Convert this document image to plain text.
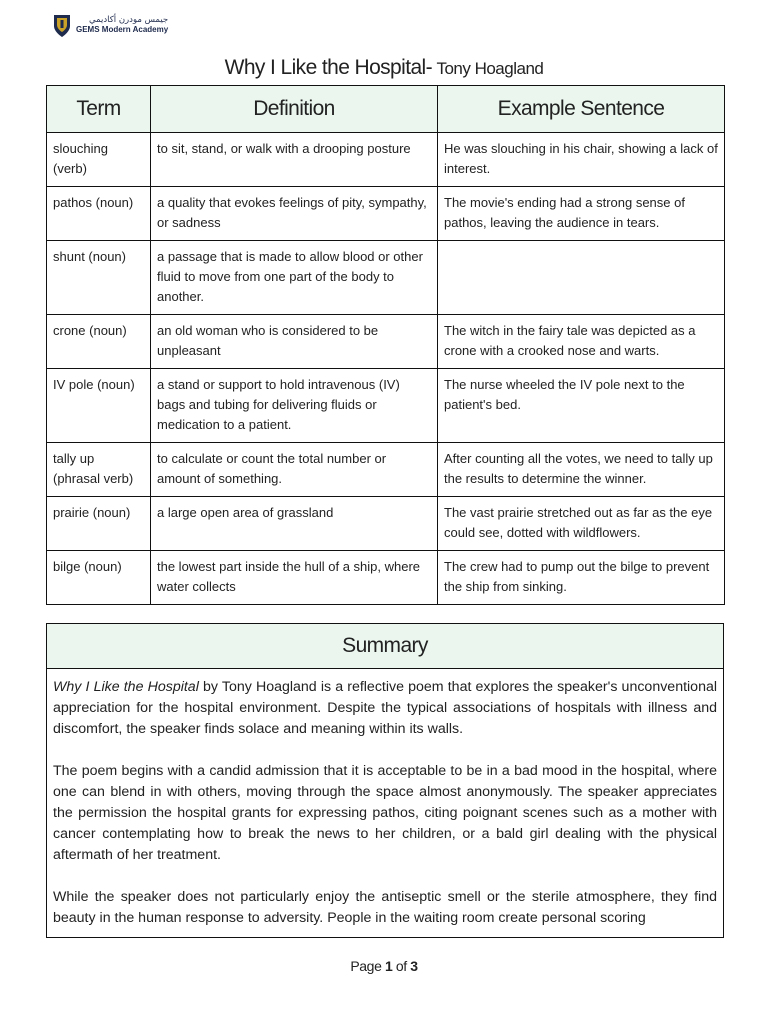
جيمس مودرن أكاديمي
GEMS Modern Academy
Why I Like the Hospital- Tony Hoagland
Term	Definition	Example Sentence
slouching (verb)	to sit, stand, or walk with a drooping posture	He was slouching in his chair, showing a lack of interest.
pathos (noun)	a quality that evokes feelings of pity, sympathy, or sadness	The movie's ending had a strong sense of pathos, leaving the audience in tears.
shunt (noun)	a passage that is made to allow blood or other fluid to move from one part of the body to another.	
crone (noun)	an old woman who is considered to be unpleasant	The witch in the fairy tale was depicted as a crone with a crooked nose and warts.
IV pole (noun)	a stand or support to hold intravenous (IV) bags and tubing for delivering fluids or medication to a patient.	The nurse wheeled the IV pole next to the patient's bed.
tally up (phrasal verb)	to calculate or count the total number or amount of something.	After counting all the votes, we need to tally up the results to determine the winner.
prairie (noun)	a large open area of grassland	The vast prairie stretched out as far as the eye could see, dotted with wildflowers.
bilge (noun)	the lowest part inside the hull of a ship, where water collects	The crew had to pump out the bilge to prevent the ship from sinking.
Summary

Why I Like the Hospital by Tony Hoagland is a reflective poem that explores the speaker's unconventional appreciation for the hospital environment. Despite the typical associations of hospitals with illness and discomfort, the speaker finds solace and meaning within its walls.

The poem begins with a candid admission that it is acceptable to be in a bad mood in the hospital, where one can blend in with others, moving through the space almost anonymously. The speaker appreciates the permission the hospital grants for expressing pathos, citing poignant scenes such as a mother with cancer contemplating how to break the news to her children, or a bald girl dealing with the physical aftermath of her treatment.

While the speaker does not particularly enjoy the antiseptic smell or the sterile atmosphere, they find beauty in the human response to adversity. People in the waiting room create personal scoring

Page 1 of 3
